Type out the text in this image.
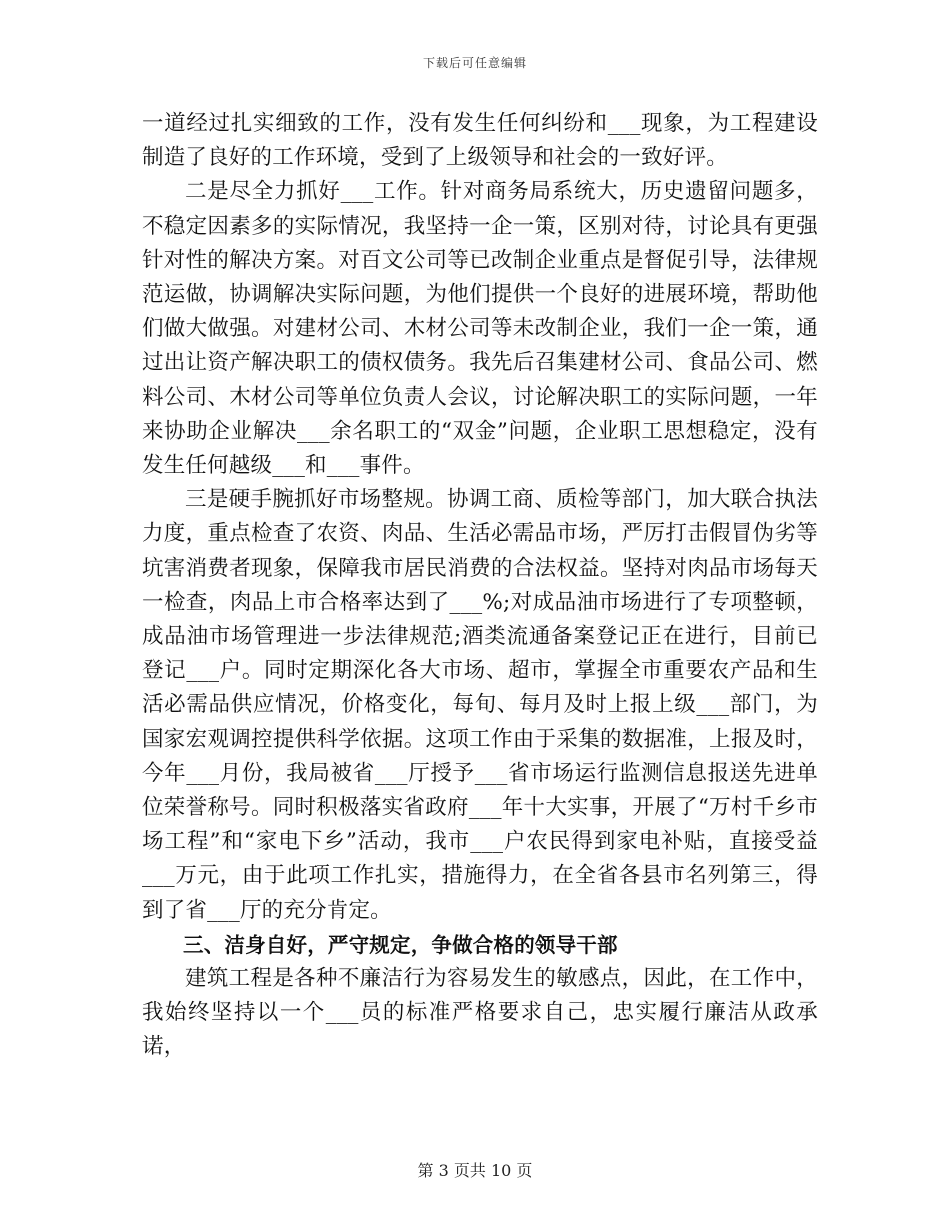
下载后可任意编辑

一道经过扎实细致的工作，没有发生任何纠纷和___现象，为工程建设制造了良好的工作环境，受到了上级领导和社会的一致好评。

二是尽全力抓好___工作。针对商务局系统大，历史遗留问题多，不稳定因素多的实际情况，我坚持一企一策，区别对待，讨论具有更强针对性的解决方案。对百文公司等已改制企业重点是督促引导，法律规范运做，协调解决实际问题，为他们提供一个良好的进展环境，帮助他们做大做强。对建材公司、木材公司等未改制企业，我们一企一策，通过出让资产解决职工的债权债务。我先后召集建材公司、食品公司、燃料公司、木材公司等单位负责人会议，讨论解决职工的实际问题，一年来协助企业解决___余名职工的“双金”问题，企业职工思想稳定，没有发生任何越级___和___事件。

三是硬手腕抓好市场整规。协调工商、质检等部门，加大联合执法力度，重点检查了农资、肉品、生活必需品市场，严厉打击假冒伪劣等坑害消费者现象，保障我市居民消费的合法权益。坚持对肉品市场每天一检查，肉品上市合格率达到了___%;对成品油市场进行了专项整顿，成品油市场管理进一步法律规范;酒类流通备案登记正在进行，目前已登记___户。同时定期深化各大市场、超市，掌握全市重要农产品和生活必需品供应情况，价格变化，每旬、每月及时上报上级___部门，为国家宏观调控提供科学依据。这项工作由于采集的数据准，上报及时，今年___月份，我局被省___厅授予___省市场运行监测信息报送先进单位荣誉称号。同时积极落实省政府___年十大实事，开展了“万村千乡市场工程”和“家电下乡”活动，我市___户农民得到家电补贴，直接受益___万元，由于此项工作扎实，措施得力，在全省各县市名列第三，得到了省___厅的充分肯定。

三、洁身自好，严守规定，争做合格的领导干部

建筑工程是各种不廉洁行为容易发生的敏感点，因此，在工作中，我始终坚持以一个___员的标准严格要求自己，忠实履行廉洁从政承诺，

第 3 页共 10 页
